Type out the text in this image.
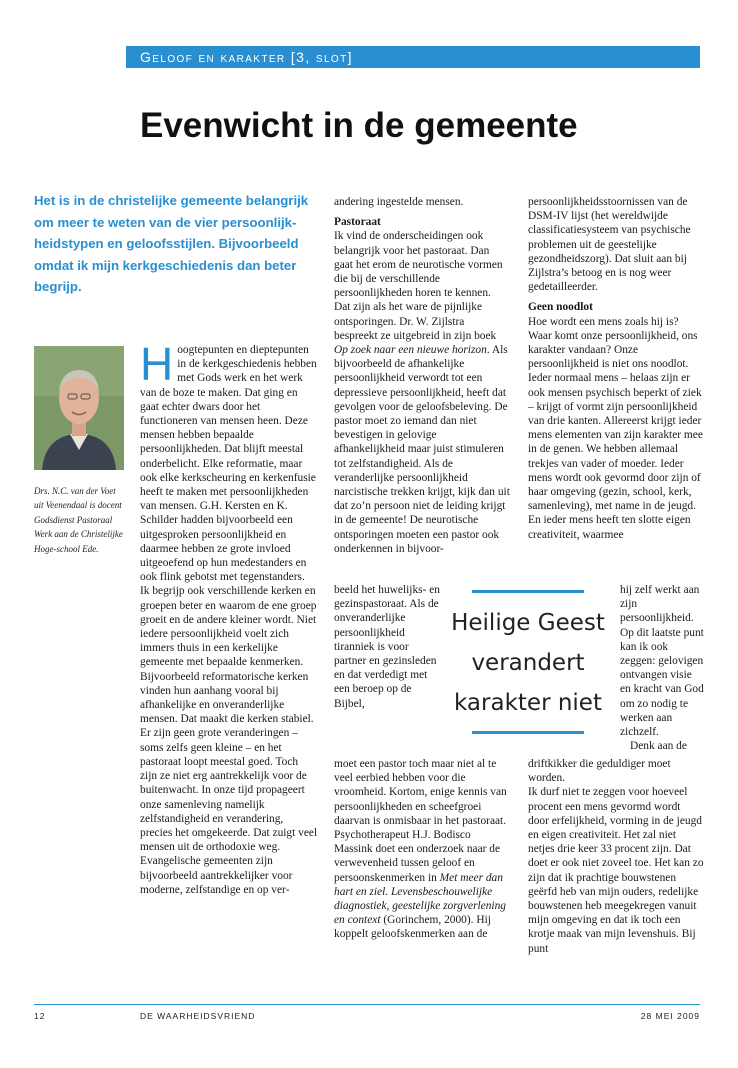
Geloof en karakter [3, slot]
Evenwicht in de gemeente
Het is in de christelijke gemeente belangrijk om meer te weten van de vier persoonlijk-heidstypen en geloofsstijlen. Bijvoorbeeld omdat ik mijn kerkgeschiedenis dan beter begrijp.
Drs. N.C. van der Voet uit Veenendaal is docent Godsdienst Pastoraal Werk aan de Christelijke Hoge-school Ede.

Hoogtepunten en dieptepunten in de kerkgeschiedenis hebben met Gods werk en het werk van de boze te maken. Dat ging en gaat echter dwars door het functioneren van mensen heen. Deze mensen hebben bepaalde persoonlijkheden. Dat blijft meestal onderbelicht. Elke reformatie, maar ook elke kerkscheuring en kerkenfusie heeft te maken met persoonlijkheden van mensen. G.H. Kersten en K. Schilder hadden bijvoorbeeld een uitgesproken persoonlijkheid en daarmee hebben ze grote invloed uitgeoefend op hun medestanders en ook flink gebotst met tegenstanders.

Ik begrijp ook verschillende kerken en groepen beter en waarom de ene groep groeit en de andere kleiner wordt. Niet iedere persoonlijkheid voelt zich immers thuis in een kerkelijke gemeente met bepaalde kenmerken. Bijvoorbeeld reformatorische kerken vinden hun aanhang vooral bij afhankelijke en onveranderlijke mensen. Dat maakt die kerken stabiel. Er zijn geen grote veranderingen – soms zelfs geen kleine – en het pastoraat loopt meestal goed. Toch zijn ze niet erg aantrekkelijk voor de buitenwacht. In onze tijd propageert onze samenleving namelijk zelfstandigheid en verandering, precies het omgekeerde. Dat zuigt veel mensen uit de orthodoxie weg. Evangelische gemeenten zijn bijvoorbeeld aantrekkelijker voor moderne, zelfstandige en op ver-

andering ingestelde mensen.

Pastoraat

Ik vind de onderscheidingen ook belangrijk voor het pastoraat. Dan gaat het erom de neurotische vormen die bij de verschillende persoonlijkheden horen te kennen. Dat zijn als het ware de pijnlijke ontsporingen. Dr. W. Zijlstra bespreekt ze uitgebreid in zijn boek Op zoek naar een nieuwe horizon. Als bijvoorbeeld de afhankelijke persoonlijkheid verwordt tot een depressieve persoonlijkheid, heeft dat gevolgen voor de geloofsbeleving. De pastor moet zo iemand dan niet bevestigen in gelovige afhankelijkheid maar juist stimuleren tot zelfstandigheid. Als de veranderlijke persoonlijkheid narcistische trekken krijgt, kijk dan uit dat zo’n persoon niet de leiding krijgt in de gemeente! De neurotische ontsporingen moeten een pastor ook onderkennen in bijvoor-

beeld het huwelijks- en gezinspastoraat. Als de onveranderlijke persoonlijkheid tiranniek is voor partner en gezinsleden en dat verdedigt met een beroep op de Bijbel,

moet een pastor toch maar niet al te veel eerbied hebben voor die vroomheid. Kortom, enige kennis van persoonlijkheden en scheefgroei daarvan is onmisbaar in het pastoraat.

Psychotherapeut H.J. Bodisco Massink doet een onderzoek naar de verwevenheid tussen geloof en persoonskenmerken in Met meer dan hart en ziel. Levensbeschouwelijke diagnostiek, geestelijke zorgverlening en context (Gorinchem, 2000). Hij koppelt geloofskenmerken aan de

Heilige Geest verandert karakter niet

persoonlijkheidsstoornissen van de DSM-IV lijst (het wereldwijde classificatiesysteem van psychische problemen uit de geestelijke gezondheidszorg). Dat sluit aan bij Zijlstra’s betoog en is nog weer gedetailleerder.

Geen noodlot

Hoe wordt een mens zoals hij is? Waar komt onze persoonlijkheid, ons karakter vandaan? Onze persoonlijkheid is niet ons noodlot. Ieder normaal mens – helaas zijn er ook mensen psychisch beperkt of ziek – krijgt of vormt zijn persoonlijkheid van drie kanten. Allereerst krijgt ieder mens elementen van zijn karakter mee in de genen. We hebben allemaal trekjes van vader of moeder. Ieder mens wordt ook gevormd door zijn of haar omgeving (gezin, school, kerk, samenleving), met name in de jeugd. En ieder mens heeft ten slotte eigen creativiteit, waarmee

hij zelf werkt aan zijn persoonlijkheid. Op dit laatste punt kan ik ook zeggen: gelovigen ontvangen visie en kracht van God om zo nodig te werken aan zichzelf.

Denk aan de

driftkikker die geduldiger moet worden.

Ik durf niet te zeggen voor hoeveel procent een mens gevormd wordt door erfelijkheid, vorming in de jeugd en eigen creativiteit. Het zal niet netjes drie keer 33 procent zijn. Dat doet er ook niet zoveel toe. Het kan zo zijn dat ik prachtige bouwstenen geërfd heb van mijn ouders, redelijke bouwstenen heb meegekregen vanuit mijn omgeving en dat ik toch een krotje maak van mijn levenshuis. Bij punt

12	DE WAARHEIDSVRIEND	28 MEI 2009
